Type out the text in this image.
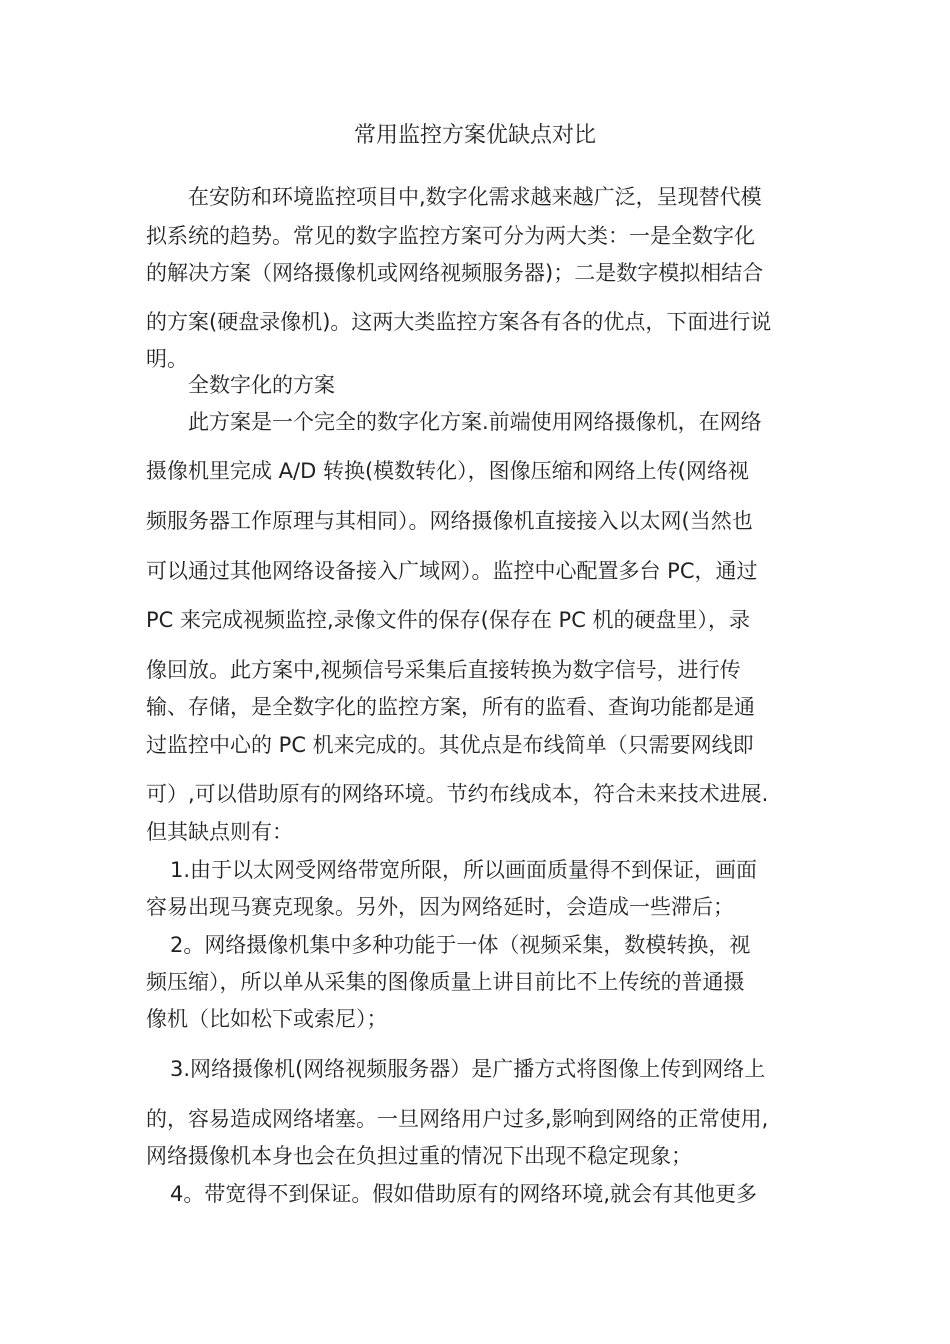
常用监控方案优缺点对比
在安防和环境监控项目中,数字化需求越来越广泛，呈现替代模
拟系统的趋势。常见的数字监控方案可分为两大类：一是全数字化
的解决方案（网络摄像机或网络视频服务器)；二是数字模拟相结合
的方案(硬盘录像机)。这两大类监控方案各有各的优点，下面进行说
明。
全数字化的方案
此方案是一个完全的数字化方案.前端使用网络摄像机，在网络
摄像机里完成 A/D 转换(模数转化），图像压缩和网络上传(网络视
频服务器工作原理与其相同）。网络摄像机直接接入以太网(当然也
可以通过其他网络设备接入广域网）。监控中心配置多台 PC，通过
PC 来完成视频监控,录像文件的保存(保存在 PC 机的硬盘里），录
像回放。此方案中,视频信号采集后直接转换为数字信号，进行传
输、存储，是全数字化的监控方案，所有的监看、查询功能都是通
过监控中心的 PC 机来完成的。其优点是布线简单（只需要网线即
可）,可以借助原有的网络环境。节约布线成本，符合未来技术进展.
但其缺点则有：
1.由于以太网受网络带宽所限，所以画面质量得不到保证，画面
容易出现马赛克现象。另外，因为网络延时，会造成一些滞后；
2。网络摄像机集中多种功能于一体（视频采集，数模转换，视
频压缩），所以单从采集的图像质量上讲目前比不上传统的普通摄
像机（比如松下或索尼）；
3.网络摄像机(网络视频服务器）是广播方式将图像上传到网络上
的，容易造成网络堵塞。一旦网络用户过多,影响到网络的正常使用,
网络摄像机本身也会在负担过重的情况下出现不稳定现象；
4。带宽得不到保证。假如借助原有的网络环境,就会有其他更多
